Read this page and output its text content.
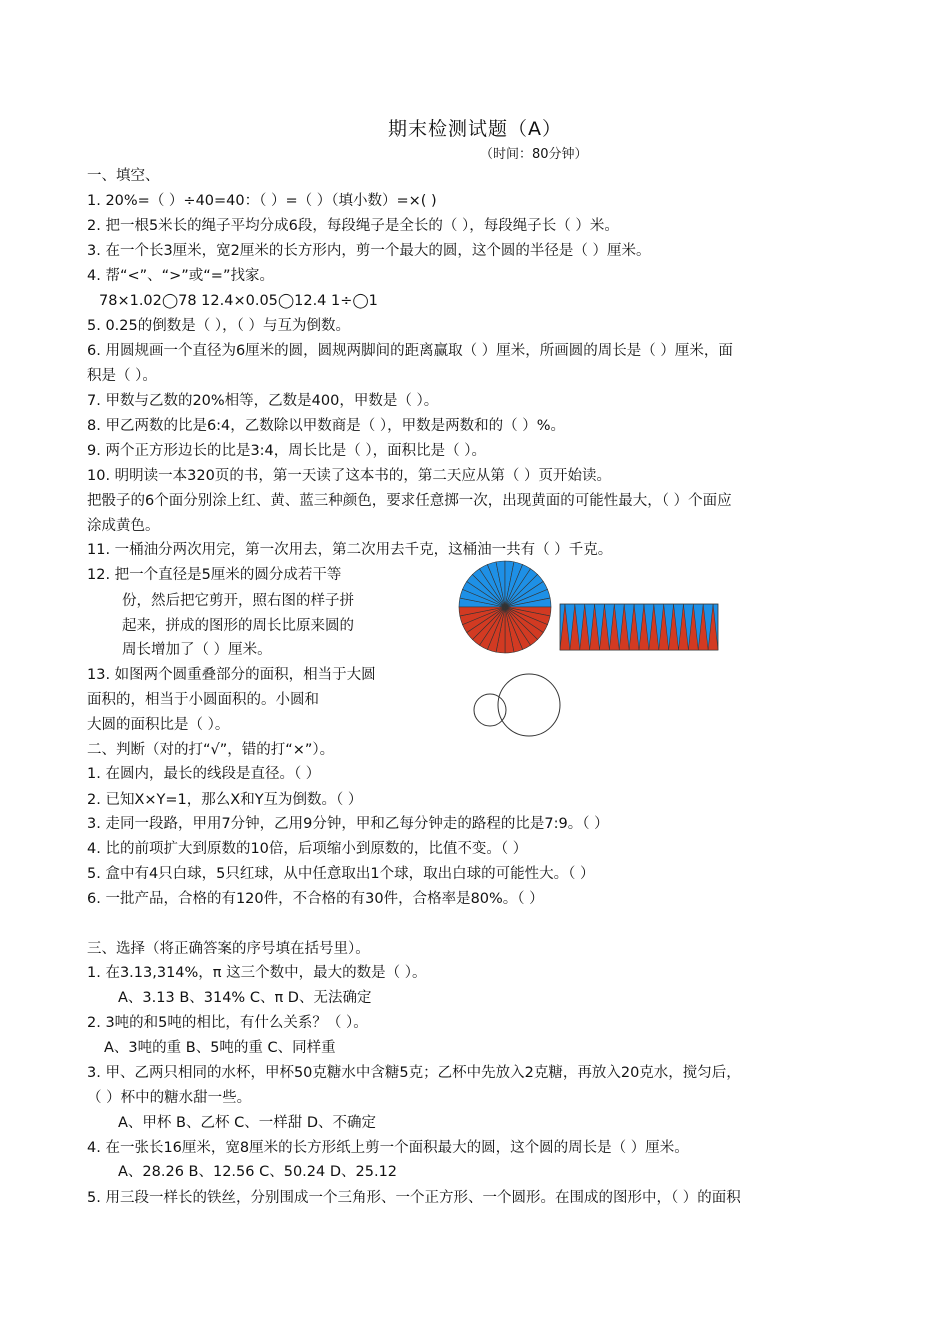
期末检测试题（A）
（时间：80分钟）
一、填空、
1. 20%=（ ）÷40=40：（ ）=（ ）（填小数）=×( )
2. 把一根5米长的绳子平均分成6段，每段绳子是全长的（ ），每段绳子长（ ）米。
3. 在一个长3厘米，宽2厘米的长方形内，剪一个最大的圆，这个圆的半径是（ ）厘米。
4. 帮“<”、“>”或“=”找家。
78×1.02◯78 12.4×0.05◯12.4 1÷◯1
5. 0.25的倒数是（ ），（ ）与互为倒数。
6. 用圆规画一个直径为6厘米的圆，圆规两脚间的距离赢取（ ）厘米，所画圆的周长是（ ）厘米，面
积是（ ）。
7. 甲数与乙数的20%相等，乙数是400，甲数是（ ）。
8. 甲乙两数的比是6:4，乙数除以甲数商是（ ），甲数是两数和的（ ）%。
9. 两个正方形边长的比是3:4，周长比是（ ），面积比是（ ）。
10. 明明读一本320页的书，第一天读了这本书的，第二天应从第（ ）页开始读。
把骰子的6个面分别涂上红、黄、蓝三种颜色，要求任意掷一次，出现黄面的可能性最大，（ ）个面应
涂成黄色。
11. 一桶油分两次用完，第一次用去，第二次用去千克，这桶油一共有（ ）千克。
12. 把一个直径是5厘米的圆分成若干等
份，然后把它剪开，照右图的样子拼
起来，拼成的图形的周长比原来圆的
周长增加了（ ）厘米。
13. 如图两个圆重叠部分的面积，相当于大圆
面积的，相当于小圆面积的。小圆和
大圆的面积比是（ ）。
二、判断（对的打“√”，错的打“×”）。
1. 在圆内，最长的线段是直径。（ ）
2. 已知X×Y=1，那么X和Y互为倒数。（ ）
3. 走同一段路，甲用7分钟，乙用9分钟，甲和乙每分钟走的路程的比是7:9。（ ）
4. 比的前项扩大到原数的10倍，后项缩小到原数的，比值不变。（ ）
5. 盒中有4只白球，5只红球，从中任意取出1个球，取出白球的可能性大。（ ）
6. 一批产品，合格的有120件，不合格的有30件，合格率是80%。（ ）
三、选择（将正确答案的序号填在括号里）。
1. 在3.13,314%，π 这三个数中，最大的数是（ ）。
A、3.13 B、314% C、π D、无法确定
2. 3吨的和5吨的相比，有什么关系？（ ）。
A、3吨的重 B、5吨的重 C、同样重
3. 甲、乙两只相同的水杯，甲杯50克糖水中含糖5克；乙杯中先放入2克糖，再放入20克水，搅匀后，
（ ）杯中的糖水甜一些。
A、甲杯 B、乙杯 C、一样甜 D、不确定
4. 在一张长16厘米，宽8厘米的长方形纸上剪一个面积最大的圆，这个圆的周长是（ ）厘米。
A、28.26 B、12.56 C、50.24 D、25.12
5. 用三段一样长的铁丝，分别围成一个三角形、一个正方形、一个圆形。在围成的图形中，（ ）的面积
